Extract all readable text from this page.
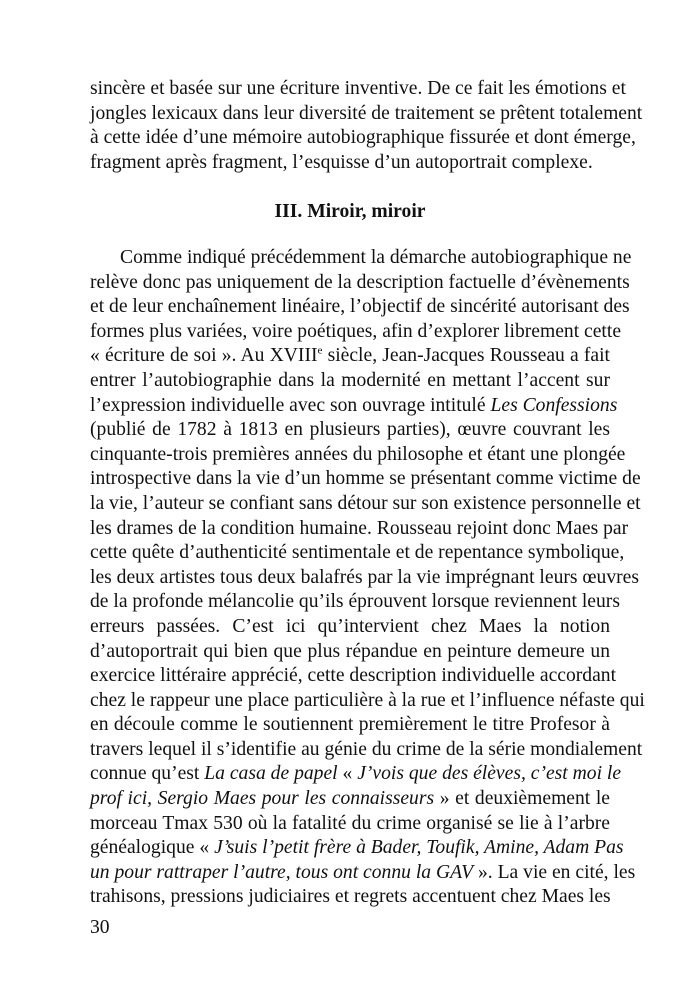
sincère et basée sur une écriture inventive. De ce fait les émotions et
jongles lexicaux dans leur diversité de traitement se prêtent totalement
à cette idée d’une mémoire autobiographique fissurée et dont émerge,
fragment après fragment, l’esquisse d’un autoportrait complexe.
III. Miroir, miroir
Comme indiqué précédemment la démarche autobiographique ne
relève donc pas uniquement de la description factuelle d’évènements
et de leur enchaînement linéaire, l’objectif de sincérité autorisant des
formes plus variées, voire poétiques, afin d’explorer librement cette
« écriture de soi ». Au XVIIIe siècle, Jean-Jacques Rousseau a fait
entrer l’autobiographie dans la modernité en mettant l’accent sur
l’expression individuelle avec son ouvrage intitulé Les Confessions
(publié de 1782 à 1813 en plusieurs parties), œuvre couvrant les
cinquante-trois premières années du philosophe et étant une plongée
introspective dans la vie d’un homme se présentant comme victime de
la vie, l’auteur se confiant sans détour sur son existence personnelle et
les drames de la condition humaine. Rousseau rejoint donc Maes par
cette quête d’authenticité sentimentale et de repentance symbolique,
les deux artistes tous deux balafrés par la vie imprégnant leurs œuvres
de la profonde mélancolie qu’ils éprouvent lorsque reviennent leurs
erreurs passées. C’est ici qu’intervient chez Maes la notion
d’autoportrait qui bien que plus répandue en peinture demeure un
exercice littéraire apprécié, cette description individuelle accordant
chez le rappeur une place particulière à la rue et l’influence néfaste qui
en découle comme le soutiennent premièrement le titre Profesor à
travers lequel il s’identifie au génie du crime de la série mondialement
connue qu’est La casa de papel « J’vois que des élèves, c’est moi le
prof ici, Sergio Maes pour les connaisseurs » et deuxièmement le
morceau Tmax 530 où la fatalité du crime organisé se lie à l’arbre
généalogique « J’suis l’petit frère à Bader, Toufik, Amine, Adam Pas
un pour rattraper l’autre, tous ont connu la GAV ». La vie en cité, les
trahisons, pressions judiciaires et regrets accentuent chez Maes les
30
